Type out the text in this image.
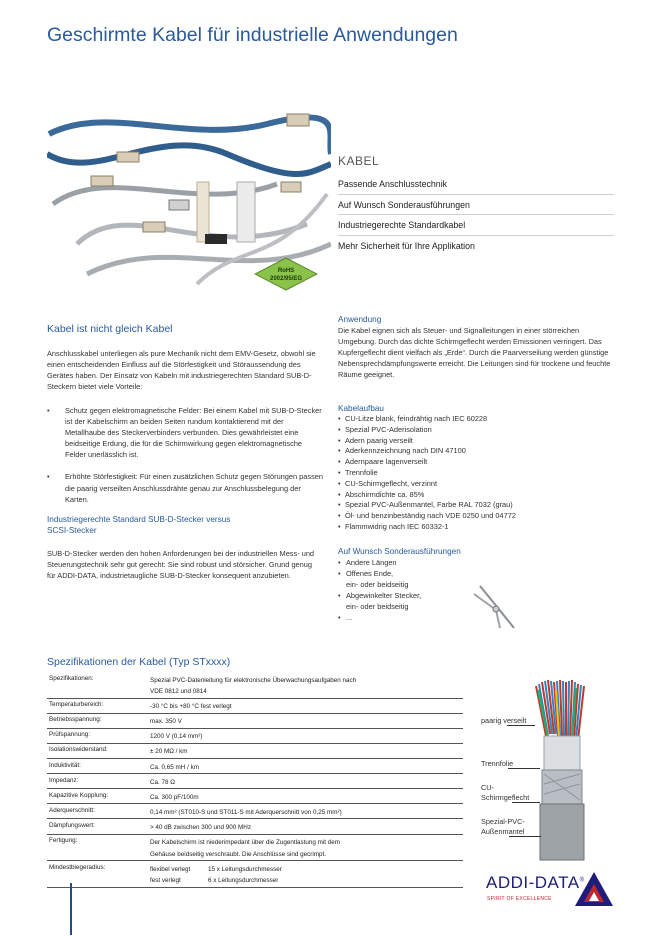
Geschirmte Kabel für industrielle Anwendungen
RoHS
2002/95/EG
KABEL
Passende Anschlusstechnik
Auf Wunsch Sonderausführungen
Industriegerechte Standardkabel
Mehr Sicherheit für Ihre Applikation
Kabel ist nicht gleich Kabel
Anschlusskabel unterliegen als pure Mechanik nicht dem EMV-Gesetz, obwohl sie einen entscheidenden Einfluss auf die Störfestigkeit und Störaussendung des Gerätes haben. Der Einsatz von Kabeln mit industriegerechten Standard SUB-D-Steckern bietet viele Vorteile:
• Schutz gegen elektromagnetische Felder: Bei einem Kabel mit SUB-D-Stecker ist der Kabelschirm an beiden Seiten rundum kontaktierend mit der Metallhaube des Steckerverbinders verbunden. Dies gewährleistet eine beidseitige Erdung, die für die Schirmwirkung gegen elektromagnetische Felder unerlässlich ist.
• Erhöhte Störfestigkeit: Für einen zusätzlichen Schutz gegen Störungen passen die paarig verseilten Anschlussdrähte genau zur Anschlussbelegung der Karten.
Industriegerechte Standard SUB-D-Stecker versus SCSI-Stecker
SUB-D-Stecker werden den hohen Anforderungen bei der industriellen Mess- und Steuerungstechnik sehr gut gerecht: Sie sind robust und störsicher. Grund genug für ADDI-DATA, industrietaugliche SUB-D-Stecker konsequent anzubieten.
Anwendung
Die Kabel eignen sich als Steuer- und Signalleitungen in einer störreichen Umgebung. Durch das dichte Schirmgeflecht werden Emissionen verringert. Das Kupfergeflecht dient vielfach als „Erde“. Durch die Paarverseilung werden günstige Nebensprechdämpfungswerte erreicht. Die Leitungen sind für trockene und feuchte Räume geeignet.
Kabelaufbau
• CU-Litze blank, feindrähtig nach IEC 60228
• Spezial PVC-Aderisolation
• Adern paarig verseilt
• Aderkennzeichnung nach DIN 47100
• Adernpaare lagenverseilt
• Trennfolie
• CU-Schirmgeflecht, verzinnt
• Abschirmdichte ca. 85%
• Spezial PVC-Außenmantel, Farbe RAL 7032 (grau)
• Öl- und benzinbeständig nach VDE 0250 und 04772
• Flammwidrig nach IEC 60332-1
Auf Wunsch Sonderausführungen
• Andere Längen
• Offenes Ende,
ein- oder beidseitig
• Abgewinkelter Stecker,
ein- oder beidseitig
• ...
Spezifikationen der Kabel (Typ STxxxx)
Spezifikationen:	Spezial PVC-Datenleitung für elektronische Überwachungsaufgaben nach
VDE 0812 und 0814

Temperaturbereich:	-30 °C bis +80 °C fest verlegt

Betriebsspannung:	max. 350 V

Prüfspannung:	1200 V (0,14 mm²)

Isolationswiderstand:	± 20 MΩ / km

Induktivität:	Ca. 0,65 mH / km

Impedanz:	Ca. 78 Ω

Kapazitive Kopplung:	Ca. 300 pF/100m

Aderquerschnitt:	0,14 mm² (ST010-S und ST011-S mit Aderquerschnitt von 0,25 mm²)

Dämpfungswert:	> 40 dB zwischen 300 und 900 MHz

Fertigung:	Der Kabelschirm ist niederimpedant über die Zugentlastung mit dem
Gehäuse beidseitig verschraubt. Die Anschlüsse sind gecrimpt.

Mindestbiegeradius:	flexibel verlegt 15 x Leitungsdurchmesser
fest verlegt 6 x Leitungsdurchmesser
paarig verseilt
Trennfolie
CU-
Schirmgeflecht
Spezial-PVC-
Außenmantel
ADDI-DATA®
SPIRIT OF EXCELLENCE
